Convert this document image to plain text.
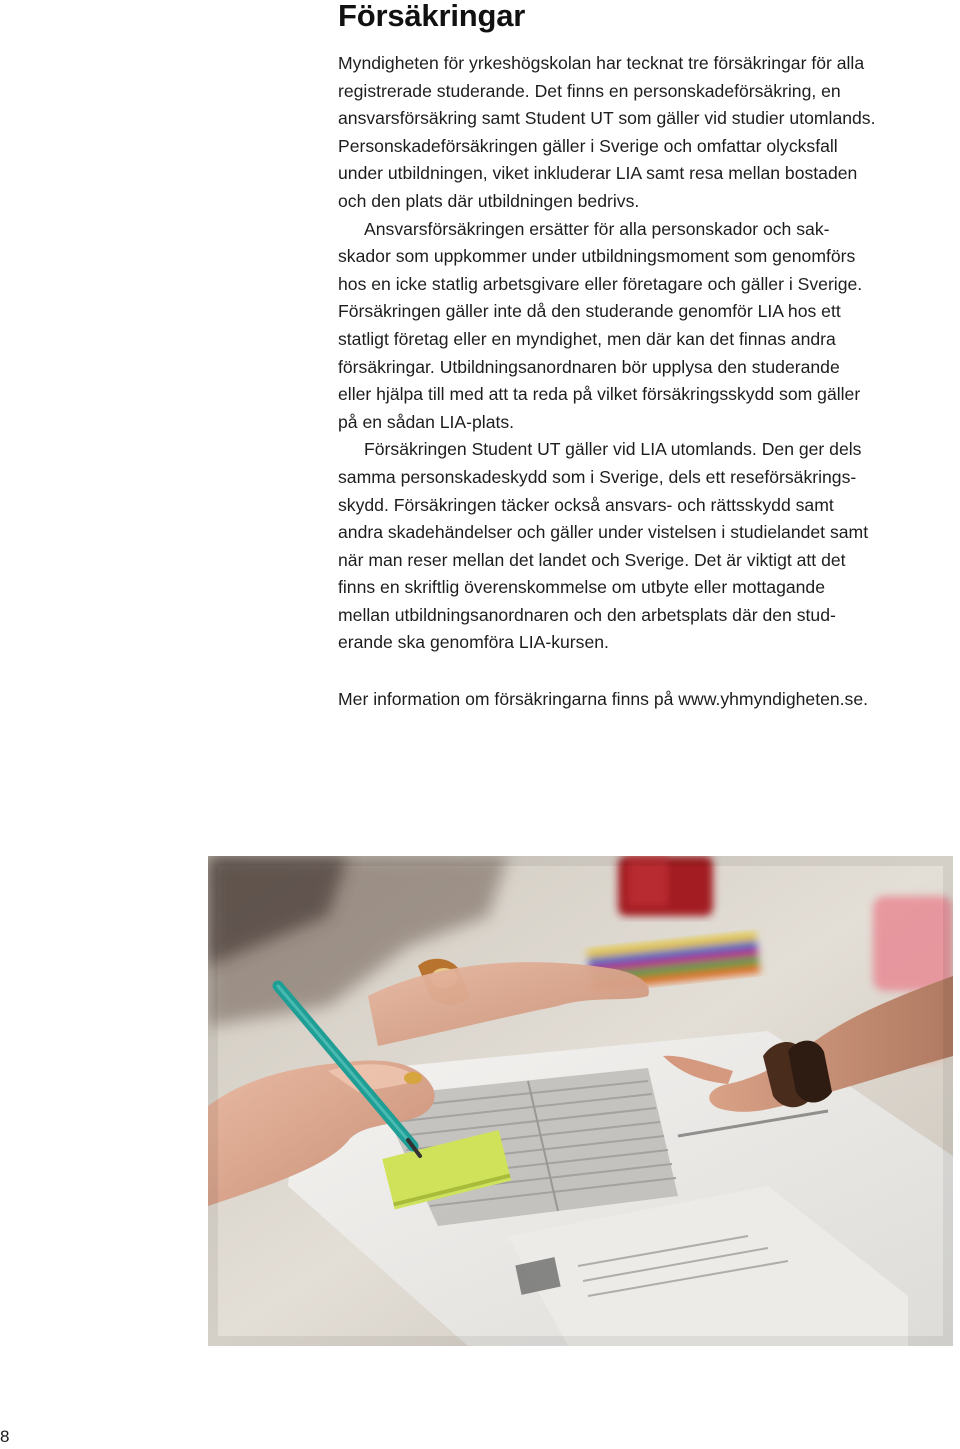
Försäkringar
Myndigheten för yrkeshögskolan har tecknat tre försäkringar för alla
registrerade studerande. Det finns en personskadeförsäkring, en
ansvarsförsäkring samt Student UT som gäller vid studier utomlands.
Personskadeförsäkringen gäller i Sverige och omfattar olycksfall
under utbildningen, viket inkluderar LIA samt resa mellan bostaden
och den plats där utbildningen bedrivs.
Ansvarsförsäkringen ersätter för alla personskador och sak-
skador som uppkommer under utbildningsmoment som genomförs
hos en icke statlig arbetsgivare eller företagare och gäller i Sverige.
Försäkringen gäller inte då den studerande genomför LIA hos ett
statligt företag eller en myndighet, men där kan det finnas andra
försäkringar. Utbildningsanordnaren bör upplysa den studerande
eller hjälpa till med att ta reda på vilket försäkringsskydd som gäller
på en sådan LIA-plats.
Försäkringen Student UT gäller vid LIA utomlands. Den ger dels
samma personskadeskydd som i Sverige, dels ett reseförsäkrings-
skydd. Försäkringen täcker också ansvars- och rättsskydd samt
andra skadehändelser och gäller under vistelsen i studielandet samt
när man reser mellan det landet och Sverige. Det är viktigt att det
finns en skriftlig överenskommelse om utbyte eller mottagande
mellan utbildningsanordnaren och den arbetsplats där den stud-
erande ska genomföra LIA-kursen.

Mer information om försäkringarna finns på www.yhmyndigheten.se.

8
